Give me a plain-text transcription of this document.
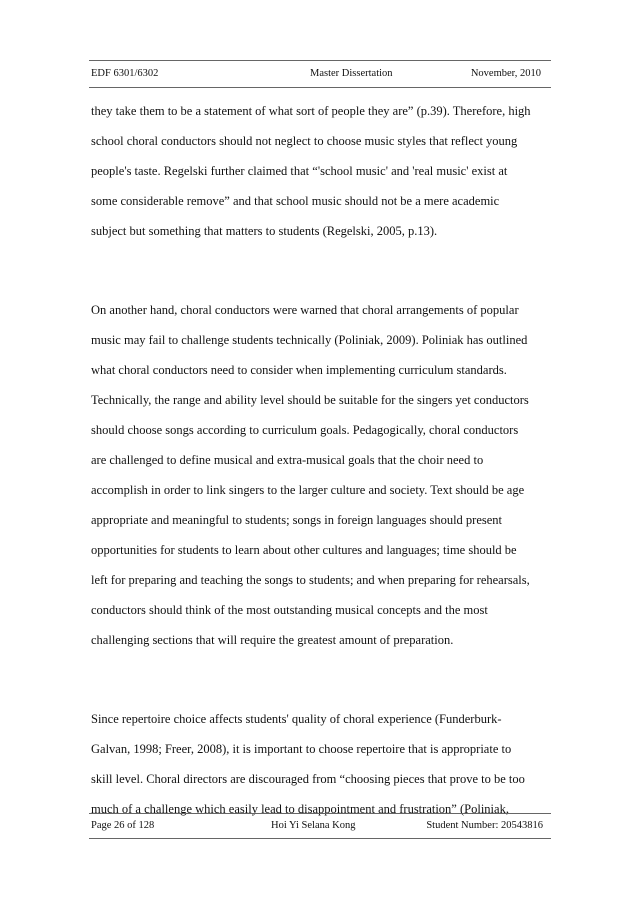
EDF 6301/6302	Master Dissertation	November, 2010
they take them to be a statement of what sort of people they are” (p.39). Therefore, high
school choral conductors should not neglect to choose music styles that reflect young
people's taste. Regelski further claimed that “'school music' and 'real music' exist at
some considerable remove” and that school music should not be a mere academic
subject but something that matters to students (Regelski, 2005, p.13).
On another hand, choral conductors were warned that choral arrangements of popular
music may fail to challenge students technically (Poliniak, 2009). Poliniak has outlined
what choral conductors need to consider when implementing curriculum standards.
Technically, the range and ability level should be suitable for the singers yet conductors
should choose songs according to curriculum goals. Pedagogically, choral conductors
are challenged to define musical and extra-musical goals that the choir need to
accomplish in order to link singers to the larger culture and society. Text should be age
appropriate and meaningful to students; songs in foreign languages should present
opportunities for students to learn about other cultures and languages; time should be
left for preparing and teaching the songs to students; and when preparing for rehearsals,
conductors should think of the most outstanding musical concepts and the most
challenging sections that will require the greatest amount of preparation.
Since repertoire choice affects students' quality of choral experience (Funderburk-
Galvan, 1998; Freer, 2008), it is important to choose repertoire that is appropriate to
skill level. Choral directors are discouraged from “choosing pieces that prove to be too
much of a challenge which easily lead to disappointment and frustration” (Poliniak,
Page 26 of 128	Hoi Yi Selana Kong	Student Number: 20543816
